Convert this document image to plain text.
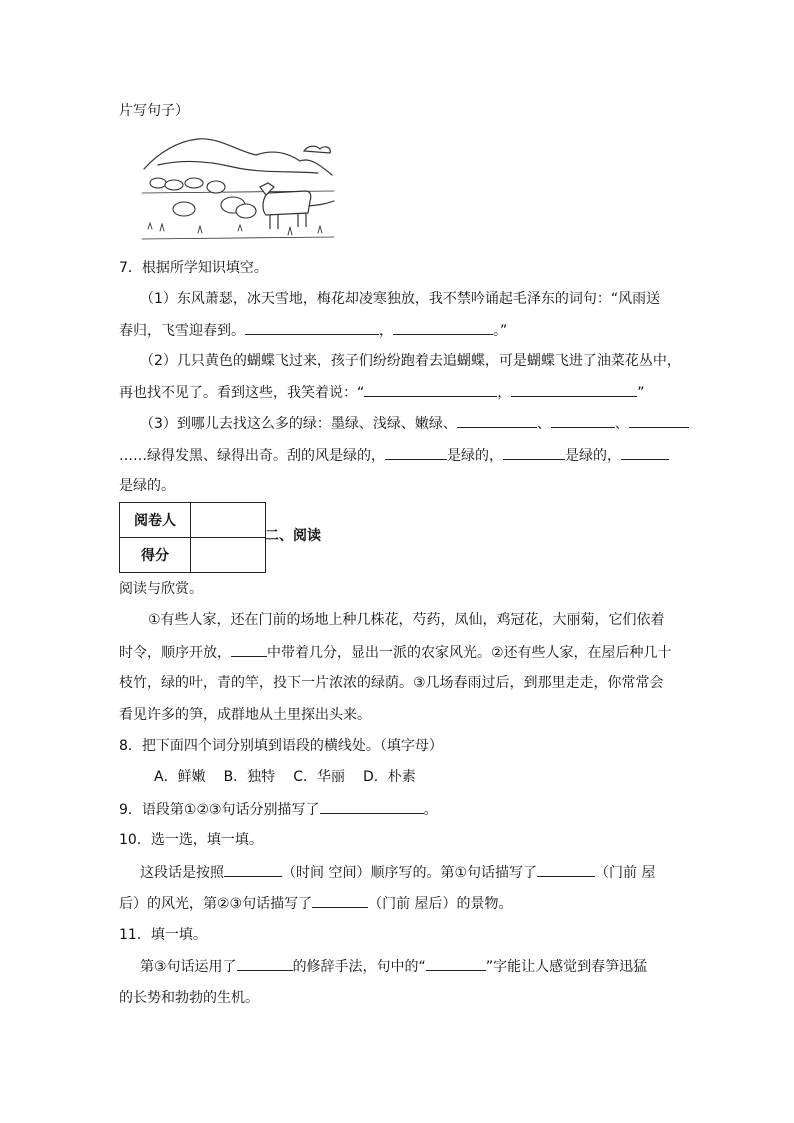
片写句子）
7．根据所学知识填空。
（1）东风萧瑟，冰天雪地，梅花却凌寒独放，我不禁吟诵起毛泽东的词句：“风雨送
春归，飞雪迎春到。	，	。”
（2）几只黄色的蝴蝶飞过来，孩子们纷纷跑着去追蝴蝶，可是蝴蝶飞进了油菜花丛中，
再也找不见了。看到这些，我笑着说：“	，	”
（3）到哪儿去找这么多的绿：墨绿、浅绿、嫩绿、	、	、
……绿得发黑、绿得出奇。刮的风是绿的，	是绿的，	是绿的，
是绿的。
阅卷人	
得分	
二、阅读
阅读与欣赏。
①有些人家，还在门前的场地上种几株花，芍药，凤仙，鸡冠花，大丽菊，它们依着
时令，顺序开放，	中带着几分，显出一派的农家风光。②还有些人家，在屋后种几十
枝竹，绿的叶，青的竿，投下一片浓浓的绿荫。③几场春雨过后，到那里走走，你常常会
看见许多的笋，成群地从土里探出头来。
8．把下面四个词分别填到语段的横线处。（填字母）
A．鲜嫩 B．独特 C．华丽 D．朴素
9．语段第①②③句话分别描写了	。
10．选一选，填一填。
这段话是按照	（时间 空间）顺序写的。第①句话描写了	（门前 屋
后）的风光，第②③句话描写了	（门前 屋后）的景物。
11．填一填。
第③句话运用了	的修辞手法，句中的“	”字能让人感觉到春笋迅猛
的长势和勃勃的生机。
